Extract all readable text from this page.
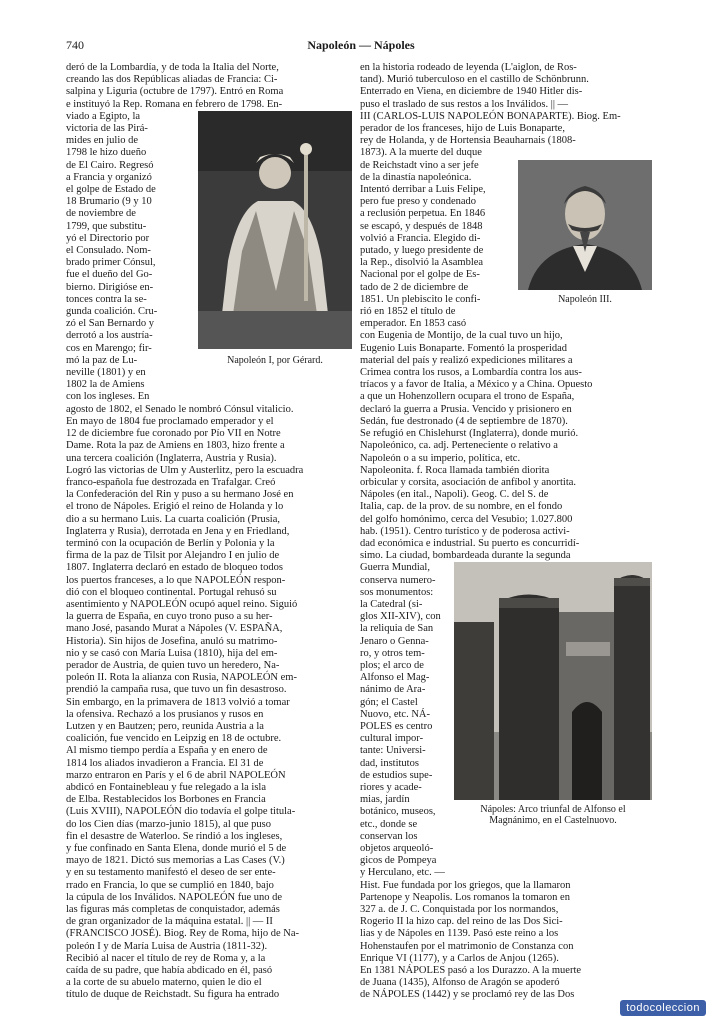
740	Napoleón — Nápoles

deró de la Lombardía, y de toda la Italia del Norte,

creando las dos Repúblicas aliadas de Francia: Ci-

salpina y Liguria (octubre de 1797). Entró en Roma

e instituyó la Rep. Romana en febrero de 1798. En-

viado a Egipto, la

victoria de las Pirá-

mides en julio de

1798 le hizo dueño

de El Cairo. Regresó

a Francia y organizó

el golpe de Estado de

18 Brumario (9 y 10

de noviembre de

1799, que substitu-

yó el Directorio por

el Consulado. Nom-

brado primer Cónsul,

fue el dueño del Go-

bierno. Dirigióse en-

tonces contra la se-

gunda coalición. Cru-

zó el San Bernardo y

derrotó a los austría-

cos en Marengo; fir-

mó la paz de Lu-

neville (1801) y en

1802 la de Amiens

con los ingleses. En

Napoleón I, por Gérard.

agosto de 1802, el Senado le nombró Cónsul vitalicio.

En mayo de 1804 fue proclamado emperador y el

12 de diciembre fue coronado por Pío VII en Notre

Dame. Rota la paz de Amiens en 1803, hizo frente a

una tercera coalición (Inglaterra, Austria y Rusia).

Logró las victorias de Ulm y Austerlitz, pero la escuadra

franco-española fue destrozada en Trafalgar. Creó

la Confederación del Rin y puso a su hermano José en

el trono de Nápoles. Erigió el reino de Holanda y lo

dio a su hermano Luis. La cuarta coalición (Prusia,

Inglaterra y Rusia), derrotada en Jena y en Friedland,

terminó con la ocupación de Berlín y Polonia y la

firma de la paz de Tilsit por Alejandro I en julio de

1807. Inglaterra declaró en estado de bloqueo todos

los puertos franceses, a lo que NAPOLEÓN respon-

dió con el bloqueo continental. Portugal rehusó su

asentimiento y NAPOLEÓN ocupó aquel reino. Siguió

la guerra de España, en cuyo trono puso a su her-

mano José, pasando Murat a Nápoles (V. ESPAÑA,

Historia). Sin hijos de Josefina, anuló su matrimo-

nio y se casó con María Luisa (1810), hija del em-

perador de Austria, de quien tuvo un heredero, Na-

poleón II. Rota la alianza con Rusia, NAPOLEÓN em-

prendió la campaña rusa, que tuvo un fin desastroso.

Sin embargo, en la primavera de 1813 volvió a tomar

la ofensiva. Rechazó a los prusianos y rusos en

Lutzen y en Bautzen; pero, reunida Austria a la

coalición, fue vencido en Leipzig en 18 de octubre.

Al mismo tiempo perdía a España y en enero de

1814 los aliados invadieron a Francia. El 31 de

marzo entraron en París y el 6 de abril NAPOLEÓN

abdicó en Fontainebleau y fue relegado a la isla

de Elba. Restablecidos los Borbones en Francia

(Luis XVIII), NAPOLEÓN dio todavía el golpe titula-

do los Cien días (marzo-junio 1815), al que puso

fin el desastre de Waterloo. Se rindió a los ingleses,

y fue confinado en Santa Elena, donde murió el 5 de

mayo de 1821. Dictó sus memorias a Las Cases (V.)

y en su testamento manifestó el deseo de ser ente-

rrado en Francia, lo que se cumplió en 1840, bajo

la cúpula de los Inválidos. NAPOLEÓN fue uno de

las figuras más completas de conquistador, además

de gran organizador de la máquina estatal. || — II

(FRANCISCO JOSÉ). Biog. Rey de Roma, hijo de Na-

poleón I y de María Luisa de Austria (1811-32).

Recibió al nacer el título de rey de Roma y, a la

caída de su padre, que había abdicado en él, pasó

a la corte de su abuelo materno, quien le dio el

título de duque de Reichstadt. Su figura ha entrado

en la historia rodeado de leyenda (L'aiglon, de Ros-

tand). Murió tuberculoso en el castillo de Schönbrunn.

Enterrado en Viena, en diciembre de 1940 Hitler dis-

puso el traslado de sus restos a los Inválidos. || —

III (CARLOS-LUIS NAPOLEÓN BONAPARTE). Biog. Em-

perador de los franceses, hijo de Luis Bonaparte,

rey de Holanda, y de Hortensia Beauharnais (1808-

1873). A la muerte del duque

de Reichstadt vino a ser jefe

de la dinastía napoleónica.

Intentó derribar a Luis Felipe,

pero fue preso y condenado

a reclusión perpetua. En 1846

se escapó, y después de 1848

volvió a Francia. Elegido di-

putado, y luego presidente de

la Rep., disolvió la Asamblea

Nacional por el golpe de Es-

tado de 2 de diciembre de

1851. Un plebiscito le confi-

rió en 1852 el título de

emperador. En 1853 casó

Napoleón III.

con Eugenia de Montijo, de la cual tuvo un hijo,

Eugenio Luis Bonaparte. Fomentó la prosperidad

material del país y realizó expediciones militares a

Crimea contra los rusos, a Lombardía contra los aus-

tríacos y a favor de Italia, a México y a China. Opuesto

a que un Hohenzollern ocupara el trono de España,

declaró la guerra a Prusia. Vencido y prisionero en

Sedán, fue destronado (4 de septiembre de 1870).

Se refugió en Chislehurst (Inglaterra), donde murió.

Napoleónico, ca. adj. Perteneciente o relativo a

Napoleón o a su imperio, política, etc.

Napoleonita. f. Roca llamada también diorita

orbicular y corsita, asociación de anfíbol y anortita.

Nápoles (en ital., Napoli). Geog. C. del S. de

Italia, cap. de la prov. de su nombre, en el fondo

del golfo homónimo, cerca del Vesubio; 1.027.800

hab. (1951). Centro turístico y de poderosa activi-

dad económica e industrial. Su puerto es concurridí-

simo. La ciudad, bombardeada durante la segunda

Guerra Mundial,

conserva numero-

sos monumentos:

la Catedral (si-

glos XII-XIV), con

la reliquia de San

Jenaro o Genna-

ro, y otros tem-

plos; el arco de

Alfonso el Mag-

nánimo de Ara-

gón; el Castel

Nuovo, etc. NÁ-

POLES es centro

cultural impor-

tante: Universi-

dad, institutos

de estudios supe-

riores y acade-

mias, jardín

botánico, museos,

etc., donde se

conservan los

objetos arqueoló-

gicos de Pompeya

y Herculano, etc. —

Nápoles: Arco triunfal de Alfonso el Magnánimo, en el Castelnuovo.

Hist. Fue fundada por los griegos, que la llamaron

Partenope y Neapolis. Los romanos la tomaron en

327 a. de J. C. Conquistada por los normandos,

Rogerio II la hizo cap. del reino de las Dos Sici-

lias y de Nápoles en 1139. Pasó este reino a los

Hohenstaufen por el matrimonio de Constanza con

Enrique VI (1177), y a Carlos de Anjou (1265).

En 1381 NÁPOLES pasó a los Durazzo. A la muerte

de Juana (1435), Alfonso de Aragón se apoderó

de NÁPOLES (1442) y se proclamó rey de las Dos

todocoleccion
